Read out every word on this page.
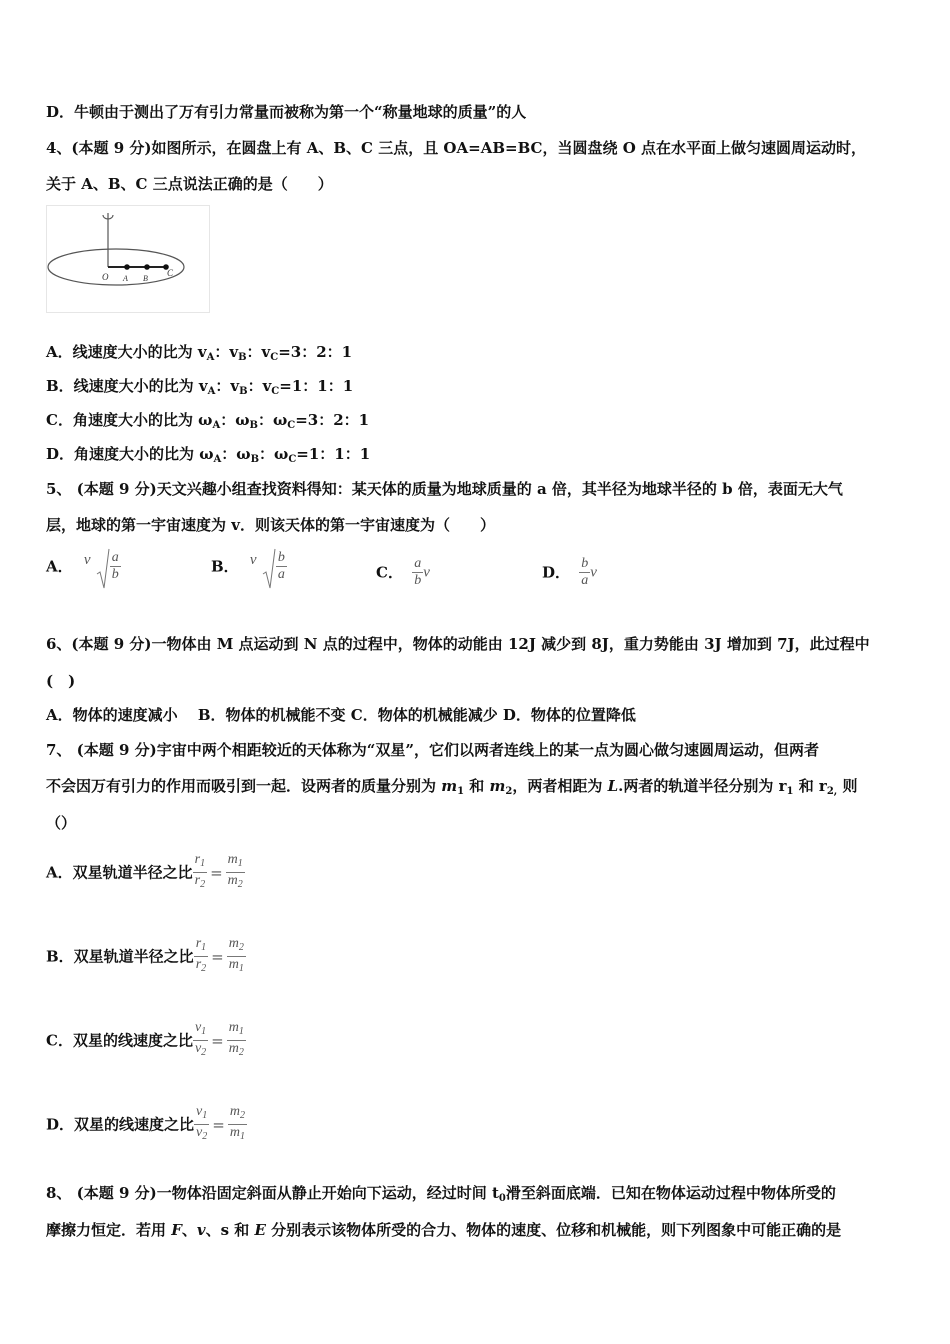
D．牛顿由于测出了万有引力常量而被称为第一个“称量地球的质量”的人
4、(本题 9 分)如图所示，在圆盘上有 A、B、C 三点，且 OA=AB=BC，当圆盘绕 O 点在水平面上做匀速圆周运动时，
关于 A、B、C 三点说法正确的是（　　）
O A B
C
A．线速度大小的比为 $v_A$：$v_B$：$v_C=3$：2：1
B．线速度大小的比为 $v_A$：$v_B$：$v_C=1$：1：1
C．角速度大小的比为 $\omega_A$：$\omega_B$：$\omega_C=3$：2：1
D．角速度大小的比为 $\omega_A$：$\omega_B$：$\omega_C=1$：1：1
5、 (本题 9 分)天文兴趣小组查找资料得知：某天体的质量为地球质量的 a 倍，其半径为地球半径的 b 倍，表面无大气
层，地球的第一宇宙速度为 v．则该天体的第一宇宙速度为（　　）
A． v $\frac{a}{b}$	B． v $\frac{b}{a}$	C． $\frac{a}{b}$ v	D． $\frac{b}{a}$ v
6、(本题 9 分)一物体由 M 点运动到 N 点的过程中，物体的动能由 12J 减少到 8J，重力势能由 3J 增加到 7J，此过程中
(　)
A．物体的速度减小　 B．物体的机械能不变 C．物体的机械能减少 D．物体的位置降低
7、 (本题 9 分)宇宙中两个相距较近的天体称为“双星”，它们以两者连线上的某一点为圆心做匀速圆周运动，但两者
不会因万有引力的作用而吸引到一起．设两者的质量分别为 $m_1$ 和 $m_2$，两者相距为 L.两者的轨道半径分别为 $r_1$ 和 $r_{2,}$ 则
（）
A．双星轨道半径之比 $\frac{r_1}{r_2} = \frac{m_1}{m_2}$
B．双星轨道半径之比 $\frac{r_1}{r_2} = \frac{m_2}{m_1}$
C．双星的线速度之比 $\frac{v_1}{v_2} = \frac{m_1}{m_2}$
D．双星的线速度之比 $\frac{v_1}{v_2} = \frac{m_2}{m_1}$
8、 (本题 9 分)一物体沿固定斜面从静止开始向下运动，经过时间 $t_0$滑至斜面底端．已知在物体运动过程中物体所受的
摩擦力恒定．若用 F、v、s 和 E 分别表示该物体所受的合力、物体的速度、位移和机械能，则下列图象中可能正确的是
